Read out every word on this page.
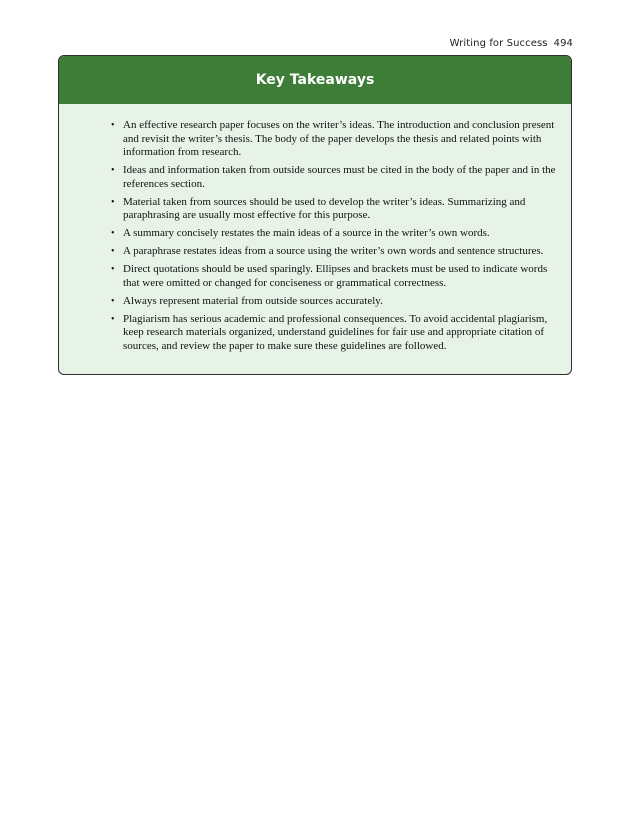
Writing for Success 494
Key Takeaways
• An effective research paper focuses on the writer’s ideas. The introduction and conclusion present and revisit the writer’s thesis. The body of the paper develops the thesis and related points with information from research.
• Ideas and information taken from outside sources must be cited in the body of the paper and in the references section.
• Material taken from sources should be used to develop the writer’s ideas. Summarizing and paraphrasing are usually most effective for this purpose.
• A summary concisely restates the main ideas of a source in the writer’s own words.
• A paraphrase restates ideas from a source using the writer’s own words and sentence structures.
• Direct quotations should be used sparingly. Ellipses and brackets must be used to indicate words that were omitted or changed for conciseness or grammatical correctness.
• Always represent material from outside sources accurately.
• Plagiarism has serious academic and professional consequences. To avoid accidental plagiarism, keep research materials organized, understand guidelines for fair use and appropriate citation of sources, and review the paper to make sure these guidelines are followed.
